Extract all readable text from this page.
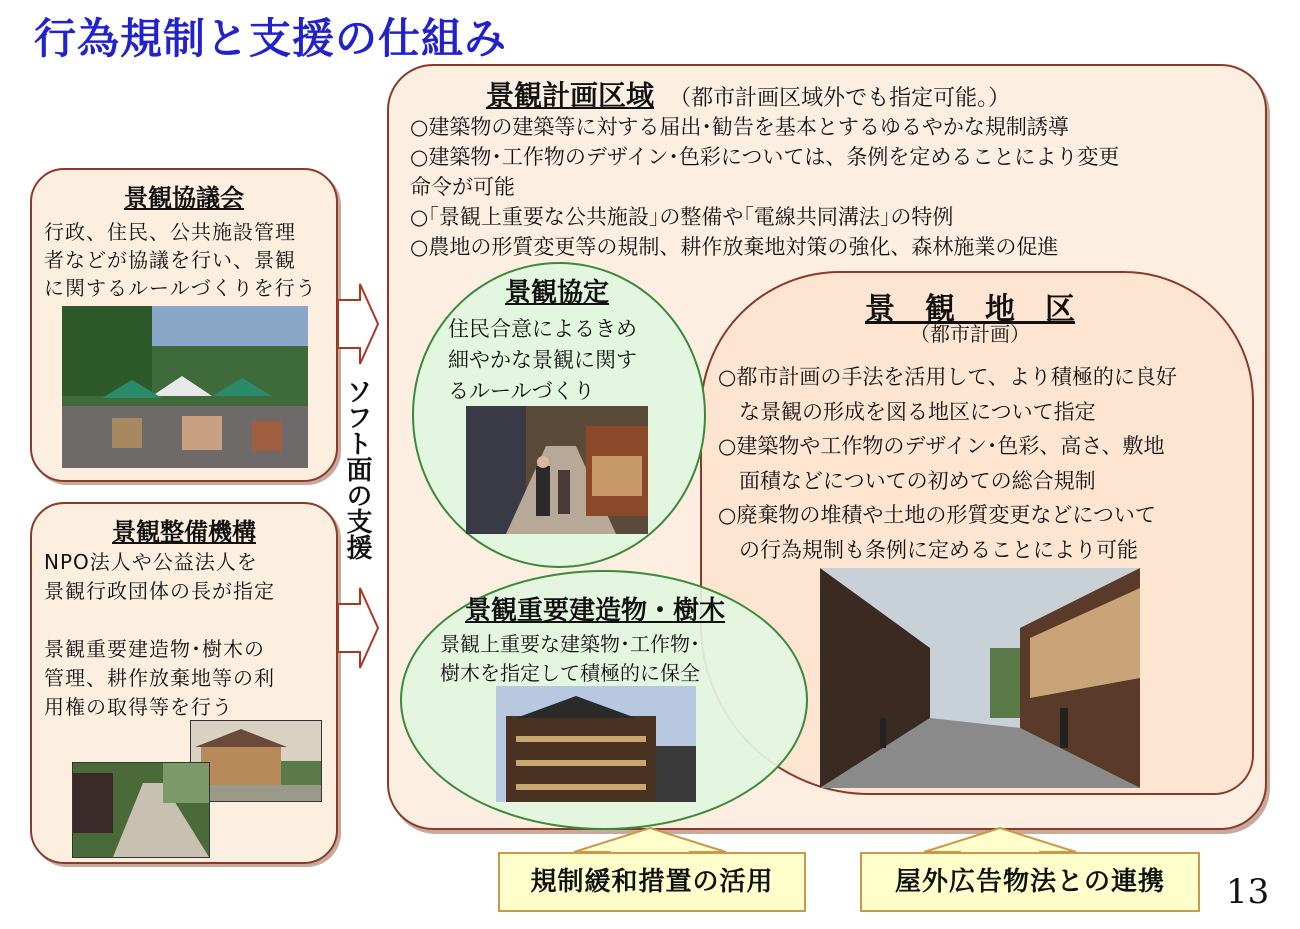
行為規制と支援の仕組み
景観協議会
行政、住民、公共施設管理
者などが協議を行い、景観
に関するルールづくりを行う
景観整備機構
NPO法人や公益法人を
景観行政団体の長が指定
景観重要建造物･樹木の
管理、耕作放棄地等の利
用権の取得等を行う
ソフト面の支援
景観計画区域 （都市計画区域外でも指定可能。）
○建築物の建築等に対する届出･勧告を基本とするゆるやかな規制誘導
○建築物･工作物のデザイン･色彩については、条例を定めることにより変更
命令が可能
○｢景観上重要な公共施設｣の整備や｢電線共同溝法｣の特例
○農地の形質変更等の規制、耕作放棄地対策の強化、森林施業の促進
景観協定
住民合意によるきめ
細やかな景観に関す
るルールづくり
景観重要建造物・樹木
景観上重要な建築物･工作物･
樹木を指定して積極的に保全
景　観　地　区
（都市計画）
○都市計画の手法を活用して、より積極的に良好
　な景観の形成を図る地区について指定
○建築物や工作物のデザイン･色彩、高さ、敷地
　面積などについての初めての総合規制
○廃棄物の堆積や土地の形質変更などについて
　の行為規制も条例に定めることにより可能
規制緩和措置の活用	屋外広告物法との連携	13
